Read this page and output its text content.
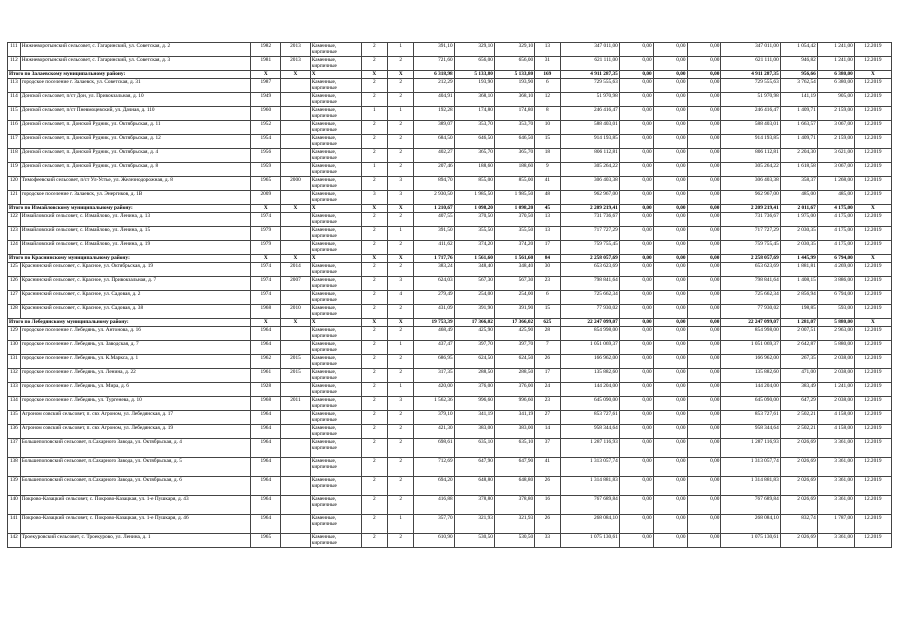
111	Нижневоротынский сельсовет, с. Гагаринский, ул. Советская, д. 2	1982	2013	Каменные, кирпичные	2	1	391,10	329,10	329,10	13	347 011,00	0,00	0,00	0,00	347 011,00	1 054,42	1 241,00	12.2019
112	Нижневоротынский сельсовет, с. Гагаринский, ул. Советская, д. 3	1981	2013	Каменные, кирпичные	2	2	721,60	656,00	656,00	31	621 111,00	0,00	0,00	0,00	621 111,00	946,82	1 241,00	12.2019
Итого по Залаевскому муниципальному району:		X	X	X	X	X	6 318,98	5 133,80	5 133,80	169	4 911 287,35	0,00	0,00	0,00	4 911 287,35	956,66	6 380,00	X
113	городское поселение г. Залаевск, ул. Советская, д. 31	1987		Каменные, кирпичные	2	2	212,29	193,90	193,90	6	729 555,63	0,00	0,00	0,00	729 555,63	3 762,54	6 380,00	12.2019
114	Донской сельсовет, п/ст Дон, ул. Привокзальная, д. 10	1949		Каменные, кирпичные	2	2	404,91	368,10	368,10	12	51 970,98	0,00	0,00	0,00	51 970,98	141,19	905,00	12.2019
115	Донской сельсовет, п/ст Пневмоцевский, ул. Дачная, д. 110	1960		Каменные, кирпичные	1	1	192,28	174,80	174,80	8	246 416,47	0,00	0,00	0,00	246 416,47	1 409,71	2 159,00	12.2019
116	Донской сельсовет, п. Донской Рудник, ул. Октябрьская, д. 11	1952		Каменные, кирпичные	2	2	389,07	353,70	353,70	10	588 403,01	0,00	0,00	0,00	588 403,01	1 663,57	3 067,00	12.2019
117	Донской сельсовет, п. Донской Рудник, ул. Октябрьская, д. 12	1954		Каменные, кирпичные	2	2	684,50	646,50	646,50	15	914 193,85	0,00	0,00	0,00	914 193,85	1 409,71	2 159,00	12.2019
118	Донской сельсовет, п. Донской Рудник, ул. Октябрьская, д. 4	1956		Каменные, кирпичные	2	2	402,27	365,70	365,70	18	806 112,81	0,00	0,00	0,00	806 112,81	2 204,30	3 621,00	12.2019
119	Донской сельсовет, п. Донской Рудник, ул. Октябрьская, д. 8	1959		Каменные, кирпичные	1	2	207,46	188,60	188,60	9	305 264,22	0,00	0,00	0,00	305 264,22	1 618,58	3 067,00	12.2019
120	Тимофеевский сельсовет, п/ст Ул-Устье, ул. Железнодорожная, д. 8	1965	2000	Каменные, кирпичные	2	3	894,70	855,00	855,00	41	306 403,38	0,00	0,00	0,00	306 403,38	358,37	1 268,00	12.2019
121	городское поселение г. Залаевск, ул. Энергиков, д. 1В	2009		Каменные, кирпичные	3	3	2 930,50	1 985,50	1 985,50	48	962 967,00	0,00	0,00	0,00	962 967,00	485,00	485,00	12.2019
Итого по Измайловскому муниципальному району:		X	X	X	X	X	1 210,67	1 098,20	1 098,20	45	2 209 219,41	0,00	0,00	0,00	2 209 219,41	2 011,67	4 175,00	X
122	Измайловский сельсовет, с. Измайлово, ул. Ленина, д. 13	1974		Каменные, кирпичные	2	2	407,55	370,50	370,50	13	731 736,67	0,00	0,00	0,00	731 736,67	1 975,00	4 175,00	12.2019
123	Измайловский сельсовет, с. Измайлово, ул. Ленина, д. 15	1979		Каменные, кирпичные	2	1	391,50	355,50	355,50	13	717 727,29	0,00	0,00	0,00	717 727,29	2 030,35	4 175,00	12.2019
124	Измайловский сельсовет, с. Измайлово, ул. Ленина, д. 19	1979		Каменные, кирпичные	2	2	411,62	374,20	374,20	17	759 755,45	0,00	0,00	0,00	759 755,45	2 030,35	4 175,00	12.2019
Итого по Краснинскому муниципальному району:		X	X	X	X	X	1 717,76	1 561,60	1 561,60	84	2 258 057,69	0,00	0,00	0,00	2 258 057,69	1 445,99	6 794,00	X
125	Краснинский сельсовет, с. Красное, ул. Октябрьская, д. 19	1974	2014	Каменные, кирпичные	2	2	383,24	348,40	348,40	30	653 623,69	0,00	0,00	0,00	653 623,69	1 881,81	4 269,00	12.2019
126	Краснинский сельсовет, с. Красное, ул. Привокзальная, д. 7	1974	2007	Каменные, кирпичные	2	3	624,03	567,30	567,30	23	798 841,64	0,00	0,00	0,00	798 841,64	1 408,15	3 886,00	12.2019
127	Краснинский сельсовет, с. Красное, ул. Садовая, д. 2	1974		Каменные, кирпичные	2	4	279,49	254,00	254,00	6	725 662,34	0,00	0,00	0,00	725 662,34	2 856,94	6 794,00	12.2019
128	Краснинский сельсовет, с. Красное, ул. Садовая, д. 38	1968	2010	Каменные, кирпичные	2	2	431,09	391,90	391,90	15	77 930,02	0,00	0,00	0,00	77 930,02	198,85	593,00	12.2019
Итого по Лебедянскому муниципальному району:		X	X	X	X	X	19 753,39	17 366,02	17 366,02	625	22 247 099,07	0,00	0,00	0,00	22 247 099,07	1 281,07	5 880,00	X
129	городское поселение г. Лебедянь, ул. Антонова, д. 16	1964		Каменные, кирпичные	2	2	468,49	425,90	425,90	28	854 998,00	0,00	0,00	0,00	854 998,00	2 007,51	2 963,00	12.2019
130	городское поселение г. Лебедянь, ул. Заводская, д. 7	1964		Каменные, кирпичные	2	1	437,47	397,70	397,70	7	1 051 069,37	0,00	0,00	0,00	1 051 069,37	2 642,87	5 880,00	12.2019
131	городское поселение г. Лебедянь, ул. К.Маркса, д. 1	1962	2015	Каменные, кирпичные	2	2	686,95	624,50	624,50	26	166 962,00	0,00	0,00	0,00	166 962,00	267,35	2 038,00	12.2019
132	городское поселение г. Лебедянь, ул. Ленина, д. 22	1961	2015	Каменные, кирпичные	2	2	317,35	288,50	288,50	17	135 882,60	0,00	0,00	0,00	135 882,60	471,00	2 038,00	12.2019
133	городское поселение г. Лебедянь, ул. Мира, д. 6	1928		Каменные, кирпичные	2	1	420,00	376,00	376,00	24	144 204,00	0,00	0,00	0,00	144 204,00	383,49	1 241,00	12.2019
134	городское поселение г. Лебедянь, ул. Тургенева, д. 10	1968	2011	Каменные, кирпичные	2	3	1 562,36	996,60	996,60	23	645 090,00	0,00	0,00	0,00	645 090,00	647,29	2 038,00	12.2019
135	Агроном совский сельсовет, п. свх Агроном, ул. Лебедянская, д. 17	1964		Каменные, кирпичные	2	2	379,10	341,19	341,19	27	853 727,61	0,00	0,00	0,00	853 727,61	2 502,21	4 158,00	12.2019
136	Агроном совский сельсовет, п. свх Агроном, ул. Лебедянская, д. 19	1964		Каменные, кирпичные	2	2	421,30	383,00	383,00	14	958 344,64	0,00	0,00	0,00	958 344,64	2 502,21	4 158,00	12.2019
137	Большепоповский сельсовет, п.Сахарного Завода, ул. Октябрьская, д. 4	1964		Каменные, кирпичные	2	2	698,61	635,10	635,10	37	1 287 116,93	0,00	0,00	0,00	1 287 116,93	2 026,69	3 361,00	12.2019
138	Большепоповский сельсовет, п.Сахарного Завода, ул. Октябрьская, д. 5	1964		Каменные, кирпичные	2	2	712,69	647,90	647,90	41	1 313 057,74	0,00	0,00	0,00	1 313 057,74	2 026,69	3 361,00	12.2019
139	Большепоповский сельсовет, п.Сахарного Завода, ул. Октябрьская, д. 6	1964		Каменные, кирпичные	2	2	694,20	648,80	648,80	26	1 314 881,83	0,00	0,00	0,00	1 314 881,83	2 026,69	3 361,00	12.2019
140	Покрово-Казацкий сельсовет, с. Покрово-Казацкая, ул. 1-е Пушкаря, д. 43	1964		Каменные, кирпичные	2	2	416,88	378,80	378,80	16	767 689,84	0,00	0,00	0,00	767 689,84	2 026,69	3 361,00	12.2019
141	Покрово-Казацкий сельсовет, с. Покрово-Казацкая, ул. 1-е Пушкаря, д. 46	1964		Каменные, кирпичные	2	1	357,70	321,93	321,93	26	268 084,10	0,00	0,00	0,00	268 084,10	832,74	1 787,00	12.2019
142	Троекуровский сельсовет, с. Троекурово, ул. Ленина, д. 1	1965		Каменные, кирпичные	2	2	610,90	530,50	530,50	33	1 075 130,61	0,00	0,00	0,00	1 075 130,61	2 026,69	3 361,00	12.2019
